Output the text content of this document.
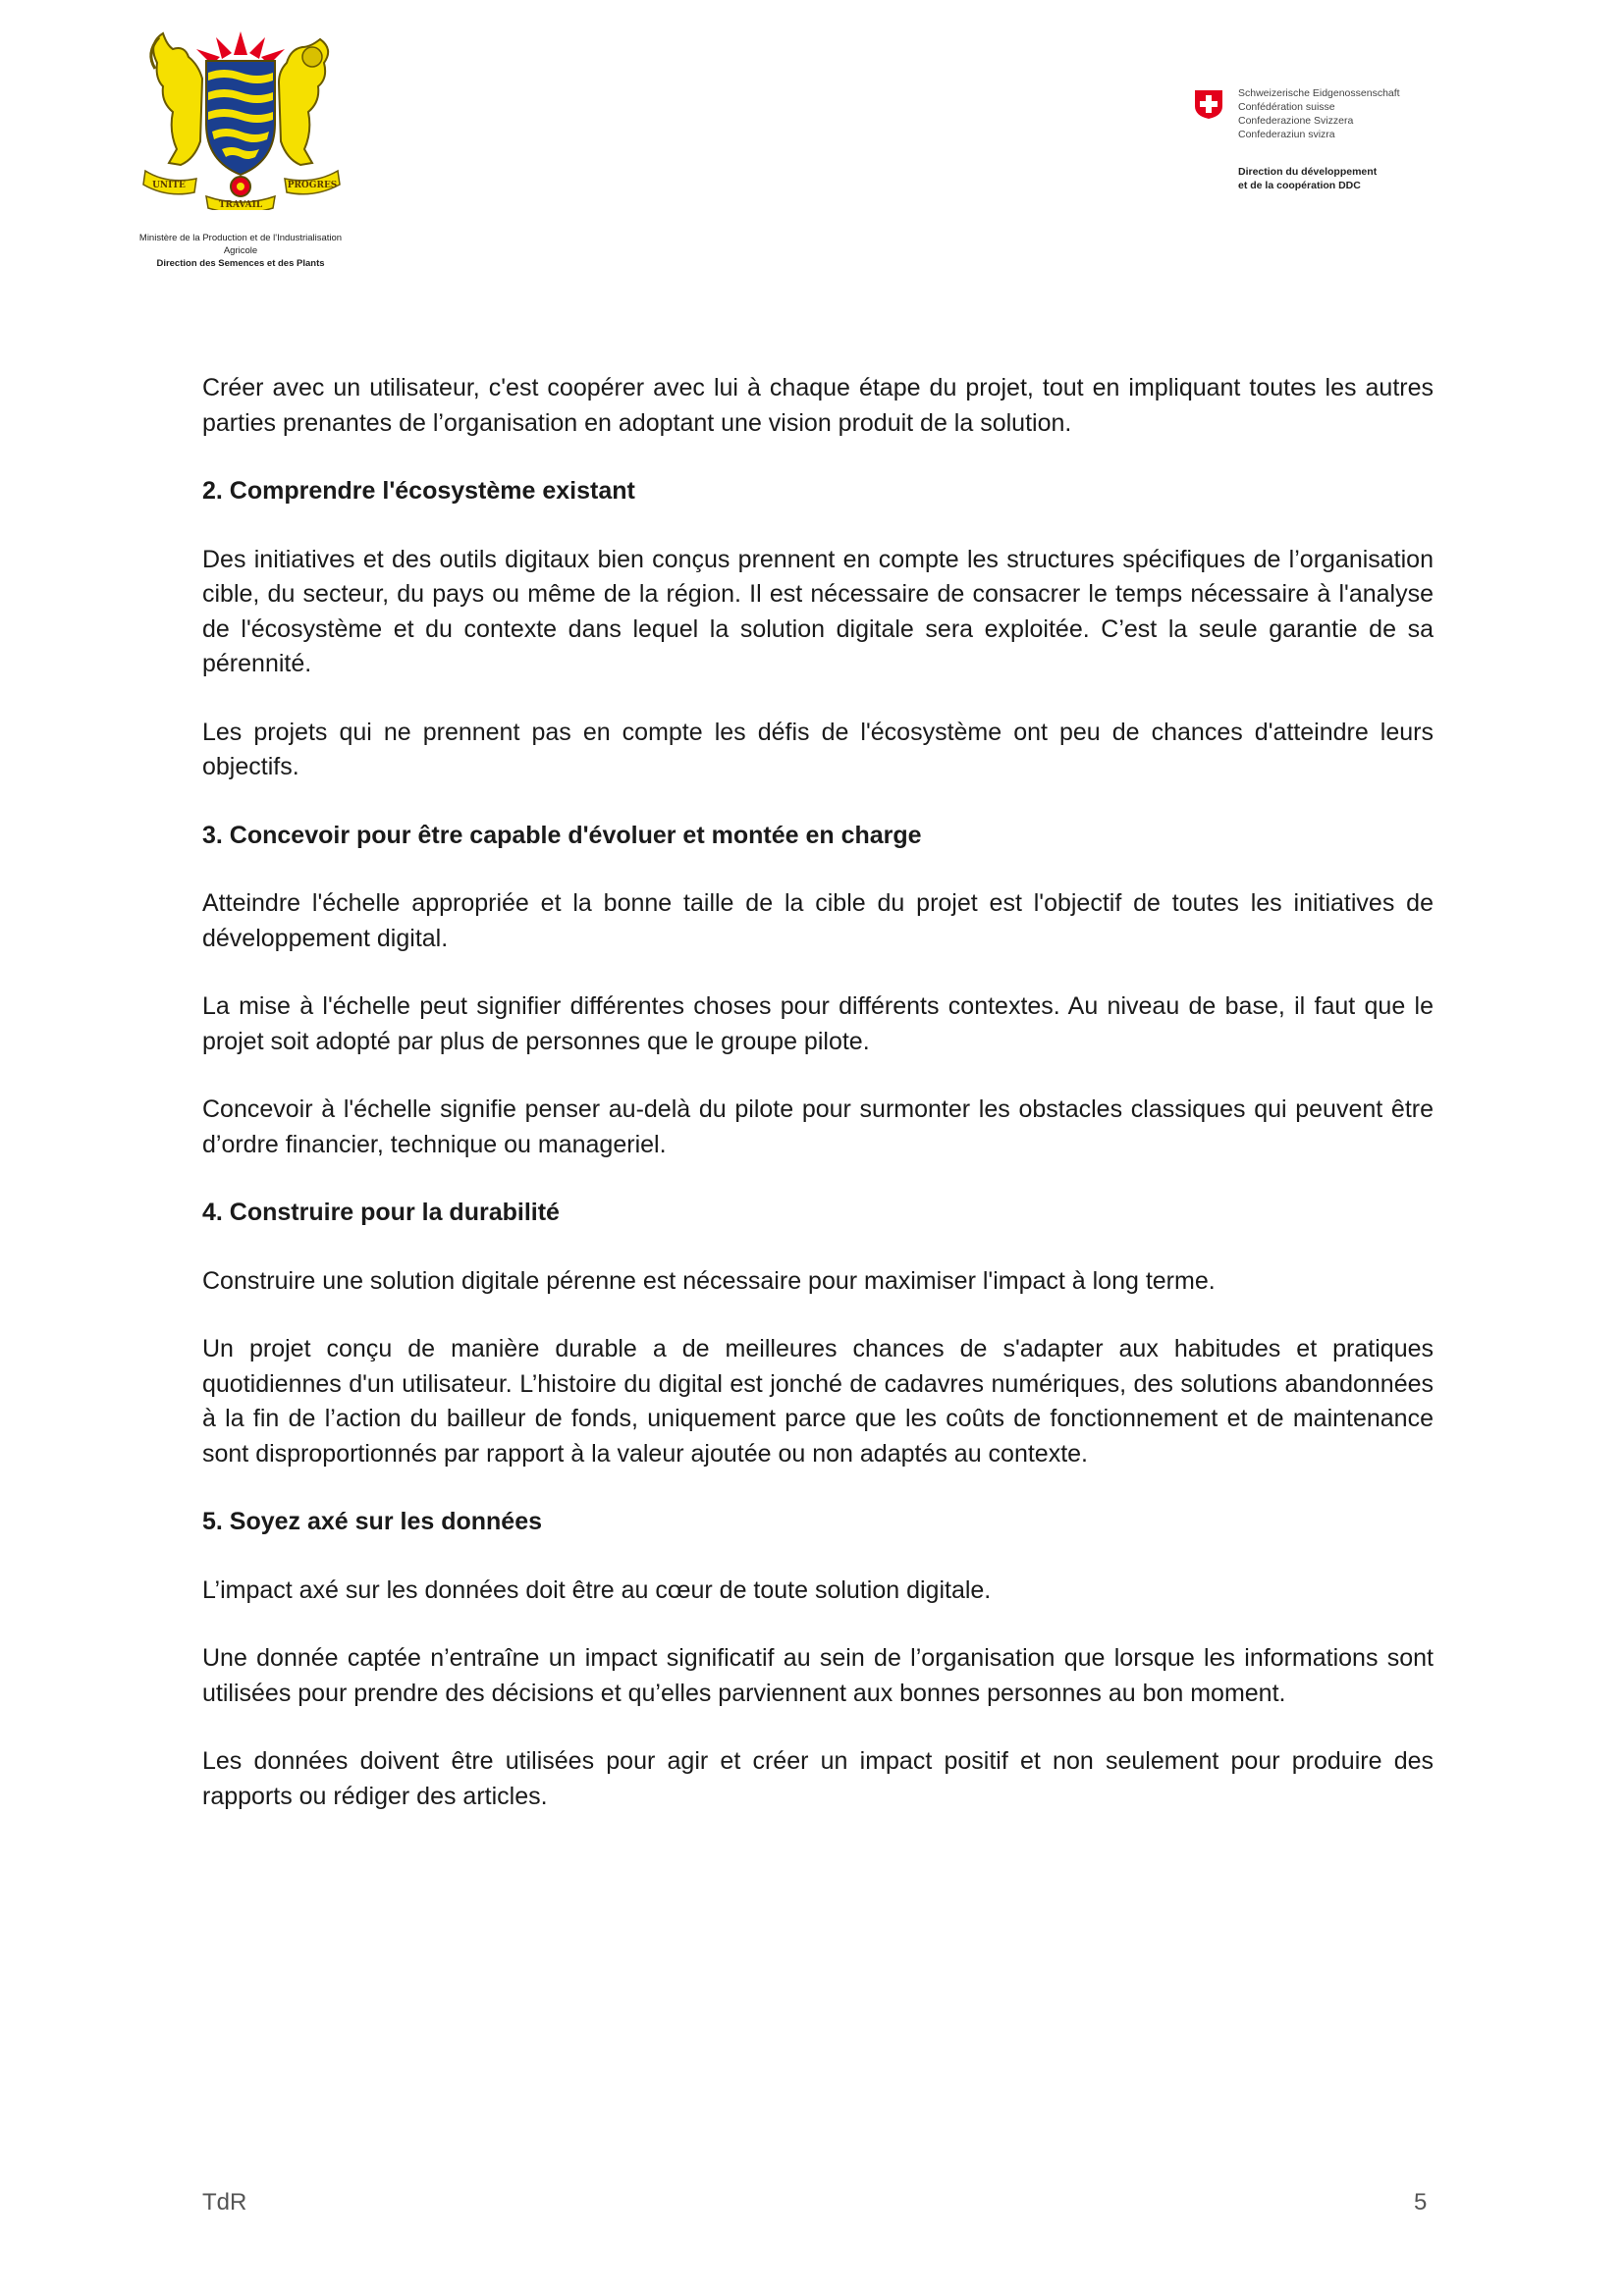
UNITE
TRAVAIL
PROGRES
Ministère de la Production et de l'Industrialisation
Agricole
Direction des Semences et des Plants
Schweizerische Eidgenossenschaft
Confédération suisse
Confederazione Svizzera
Confederaziun svizra
Direction du développement
et de la coopération DDC

Créer avec un utilisateur, c'est coopérer avec lui à chaque étape du projet, tout en impliquant toutes les autres parties prenantes de l’organisation en adoptant une vision produit de la solution.

2. Comprendre l'écosystème existant

Des initiatives et des outils digitaux bien conçus prennent en compte les structures spécifiques de l’organisation cible, du secteur, du pays ou même de la région. Il est nécessaire de consacrer le temps nécessaire à l'analyse de l'écosystème et du contexte dans lequel la solution digitale sera exploitée. C’est la seule garantie de sa pérennité.

Les projets qui ne prennent pas en compte les défis de l'écosystème ont peu de chances d'atteindre leurs objectifs.

3. Concevoir pour être capable d'évoluer et montée en charge

Atteindre l'échelle appropriée et la bonne taille de la cible du projet est l'objectif de toutes les initiatives de développement digital.

La mise à l'échelle peut signifier différentes choses pour différents contextes. Au niveau de base, il faut que le projet soit adopté par plus de personnes que le groupe pilote.

Concevoir à l'échelle signifie penser au-delà du pilote pour surmonter les obstacles classiques qui peuvent être d’ordre financier, technique ou manageriel.

4. Construire pour la durabilité

Construire une solution digitale pérenne est nécessaire pour maximiser l'impact à long terme.

Un projet conçu de manière durable a de meilleures chances de s'adapter aux habitudes et pratiques quotidiennes d'un utilisateur. L’histoire du digital est jonché de cadavres numériques, des solutions abandonnées à la fin de l’action du bailleur de fonds, uniquement parce que les coûts de fonctionnement et de maintenance sont disproportionnés par rapport à la valeur ajoutée ou non adaptés au contexte.

5. Soyez axé sur les données

L’impact axé sur les données doit être au cœur de toute solution digitale.

Une donnée captée n’entraîne un impact significatif au sein de l’organisation que lorsque les informations sont utilisées pour prendre des décisions et qu’elles parviennent aux bonnes personnes au bon moment.

Les données doivent être utilisées pour agir et créer un impact positif et non seulement pour produire des rapports ou rédiger des articles.

TdR	5
